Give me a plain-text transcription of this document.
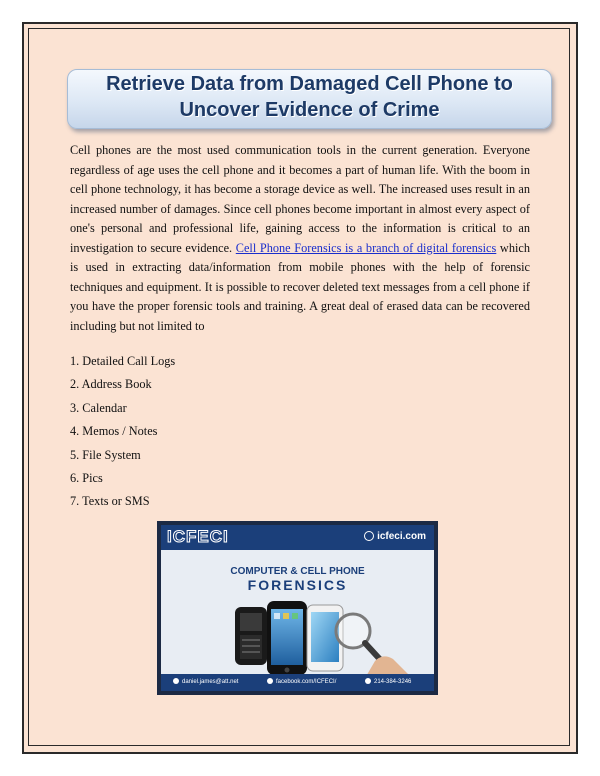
Retrieve Data from Damaged Cell Phone to
Uncover Evidence of Crime

Cell phones are the most used communication tools in the current generation. Everyone regardless of age uses the cell phone and it becomes a part of human life. With the boom in cell phone technology, it has become a storage device as well. The increased uses result in an increased number of damages. Since cell phones become important in almost every aspect of one's personal and professional life, gaining access to the information is critical to an investigation to secure evidence. Cell Phone Forensics is a branch of digital forensics which is used in extracting data/information from mobile phones with the help of forensic techniques and equipment. It is possible to recover deleted text messages from a cell phone if you have the proper forensic tools and training. A great deal of erased data can be recovered including but not limited to

1. Detailed Call Logs
2. Address Book
3. Calendar
4. Memos / Notes
5. File System
6. Pics
7. Texts or SMS
ICFECI	icfeci.com
COMPUTER & CELL PHONE
FORENSICS
daniel.james@att.net	facebook.com/ICFECI/	214-384-3246
